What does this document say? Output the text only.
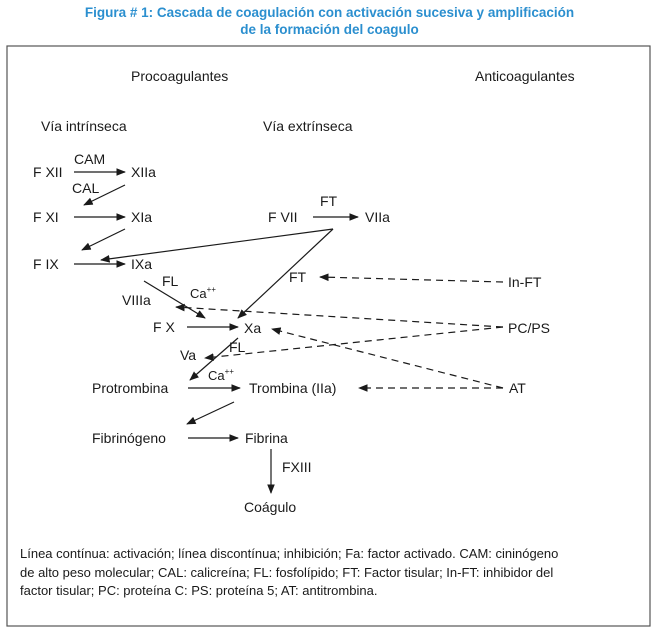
Figura # 1: Cascada de coagulación con activación sucesiva y amplificación
de la formación del coagulo
Procoagulantes	Anticoagulantes
Vía intrínseca	Vía extrínseca
F XII	XIIa
F XI	XIa
F IX	IXa
F VII	VIIa
FT	In-FT
VIIIa
F X	Xa	PC/PS
Va
Protrombina	Trombina (IIa)	AT
Fibrinógeno	Fibrina
Coágulo
CAM
CAL
FT
FL
Ca++
FL
Ca++
FXIII
Línea contínua: activación; línea discontínua; inhibición; Fa: factor activado. CAM: cininógeno
de alto peso molecular; CAL: calicreína; FL: fosfolípido; FT: Factor tisular; In-FT: inhibidor del
factor tisular; PC: proteína C: PS: proteína 5; AT: antitrombina.
